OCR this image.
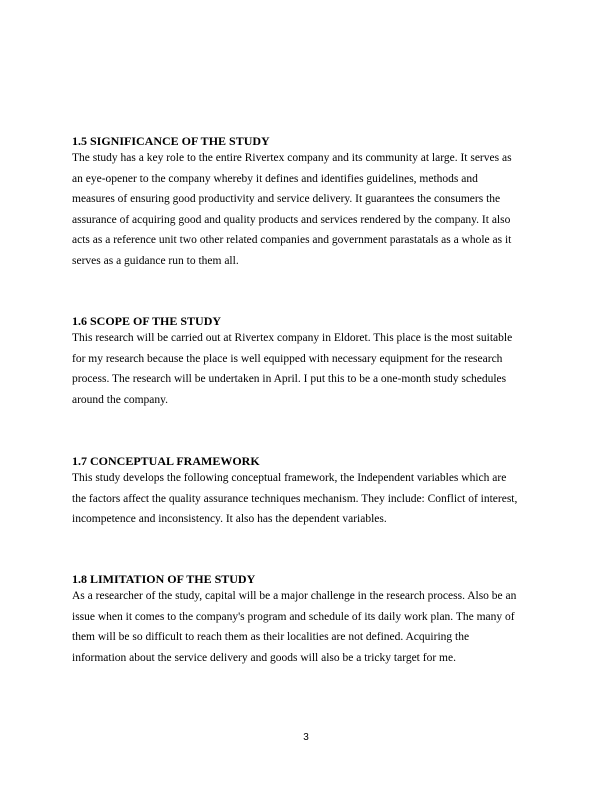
1.5 SIGNIFICANCE OF THE STUDY

The study has a key role to the entire Rivertex company and its community at large. It serves as

an eye-opener to the company whereby it defines and identifies guidelines, methods and

measures of ensuring good productivity and service delivery. It guarantees the consumers the

assurance of acquiring good and quality products and services rendered by the company. It also

acts as a reference unit two other related companies and government parastatals as a whole as it

serves as a guidance run to them all.

1.6 SCOPE OF THE STUDY

This research will be carried out at Rivertex company in Eldoret. This place is the most suitable

for my research because the place is well equipped with necessary equipment for the research

process. The research will be undertaken in April. I put this to be a one-month study schedules

around the company.

1.7 CONCEPTUAL FRAMEWORK

This study develops the following conceptual framework, the Independent variables which are

the factors affect the quality assurance techniques mechanism. They include: Conflict of interest,

incompetence and inconsistency. It also has the dependent variables.

1.8 LIMITATION OF THE STUDY

As a researcher of the study, capital will be a major challenge in the research process. Also be an

issue when it comes to the company's program and schedule of its daily work plan. The many of

them will be so difficult to reach them as their localities are not defined. Acquiring the

information about the service delivery and goods will also be a tricky target for me.

3
